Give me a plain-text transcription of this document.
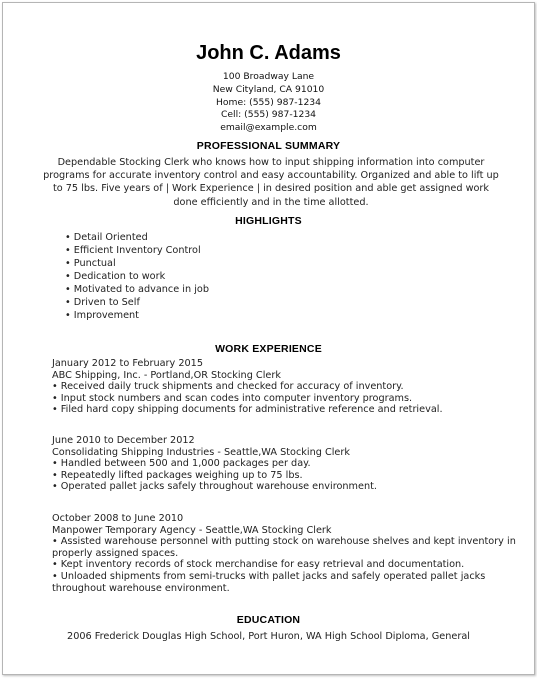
John C. Adams
100 Broadway Lane
New Cityland, CA 91010
Home: (555) 987-1234
Cell: (555) 987-1234
email@example.com
PROFESSIONAL SUMMARY
Dependable Stocking Clerk who knows how to input shipping information into computer programs for accurate inventory control and easy accountability. Organized and able to lift up to 75 lbs. Five years of | Work Experience | in desired position and able get assigned work done efficiently and in the time allotted.
HIGHLIGHTS
• Detail Oriented
• Efficient Inventory Control
• Punctual
• Dedication to work
• Motivated to advance in job
• Driven to Self
• Improvement
WORK EXPERIENCE
January 2012 to February 2015
ABC Shipping, Inc. - Portland,OR Stocking Clerk
• Received daily truck shipments and checked for accuracy of inventory.
• Input stock numbers and scan codes into computer inventory programs.
• Filed hard copy shipping documents for administrative reference and retrieval.
June 2010 to December 2012
Consolidating Shipping Industries - Seattle,WA Stocking Clerk
• Handled between 500 and 1,000 packages per day.
• Repeatedly lifted packages weighing up to 75 lbs.
• Operated pallet jacks safely throughout warehouse environment.
October 2008 to June 2010
Manpower Temporary Agency - Seattle,WA Stocking Clerk
• Assisted warehouse personnel with putting stock on warehouse shelves and kept inventory in properly assigned spaces.
• Kept inventory records of stock merchandise for easy retrieval and documentation.
• Unloaded shipments from semi-trucks with pallet jacks and safely operated pallet jacks throughout warehouse environment.
EDUCATION
2006 Frederick Douglas High School, Port Huron, WA High School Diploma, General
